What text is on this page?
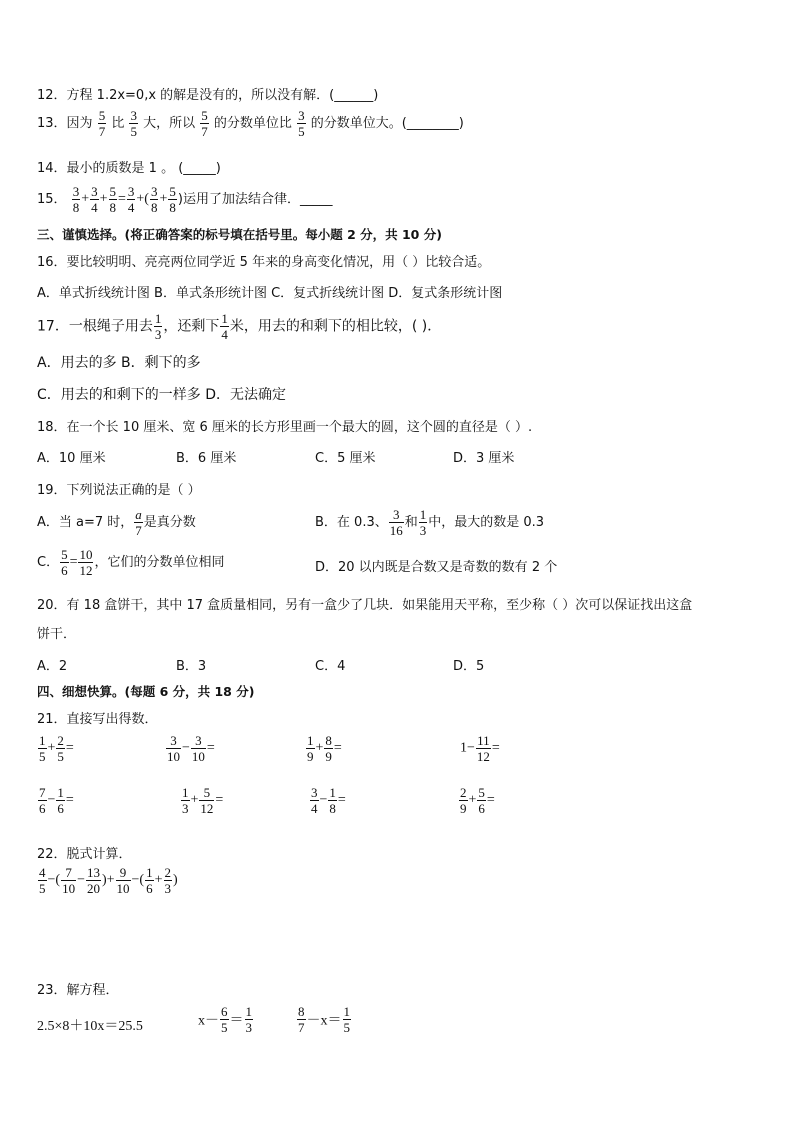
12．方程 1.2x=0,x 的解是没有的，所以没有解．(______)
13．因为 $\frac{5}{7}$ 比 $\frac{3}{5}$ 大，所以 $\frac{5}{7}$ 的分数单位比 $\frac{3}{5}$ 的分数单位大。(________)
14．最小的质数是 1 。 (_____)
15． $\frac{3}{8} + \frac{3}{4} + \frac{5}{8} = \frac{3}{4}$ +( $\frac{3}{8} + \frac{5}{8}$ )运用了加法结合律．_____
三、谨慎选择。(将正确答案的标号填在括号里。每小题 2 分，共 10 分)
16．要比较明明、亮亮两位同学近 5 年来的身高变化情况，用（ ）比较合适。
A．单式折线统计图 B．单式条形统计图 C．复式折线统计图 D．复式条形统计图
17．一根绳子用去 $\frac{1}{3}$ ，还剩下 $\frac{1}{4}$ 米，用去的和剩下的相比较，( )．
A．用去的多 B．剩下的多
C．用去的和剩下的一样多 D．无法确定
18．在一个长 10 厘米、宽 6 厘米的长方形里画一个最大的圆，这个圆的直径是（ ）.
A．10 厘米	B．6 厘米	C．5 厘米	D．3 厘米
19．下列说法正确的是（ ）
A．当 a=7 时， $\frac{a}{7}$ 是真分数	B．在 0.3、 $\frac{3}{16}$ 和 $\frac{1}{3}$ 中，最大的数是 0.3
C． $\frac{5}{6} = \frac{10}{12}$ ，它们的分数单位相同	D．20 以内既是合数又是奇数的数有 2 个
20．有 18 盒饼干，其中 17 盒质量相同，另有一盒少了几块．如果能用天平称，至少称（ ）次可以保证找出这盒
饼干．
A．2	B．3	C．4	D．5
四、细想快算。(每题 6 分，共 18 分)
21．直接写出得数．
$\frac{1}{5} + \frac{2}{5}$ =	$\frac{3}{10} - \frac{3}{10}$ =	$\frac{1}{9} + \frac{8}{9}$ =	$1- \frac{11}{12}$ =
$\frac{7}{6} - \frac{1}{6}$ =	$\frac{1}{3} + \frac{5}{12}$ =	$\frac{3}{4} - \frac{1}{8}$ =	$\frac{2}{9} + \frac{5}{6}$ =
22．脱式计算．
$\frac{4}{5}$ −( $\frac{7}{10} - \frac{13}{20}$ )+ $\frac{9}{10}$ −( $\frac{1}{6} + \frac{2}{3}$ )
23．解方程．
2.5×8＋10x＝25.5	$x- \frac{6}{5} = \frac{1}{3}$	$\frac{8}{7} -x= \frac{1}{5}$
